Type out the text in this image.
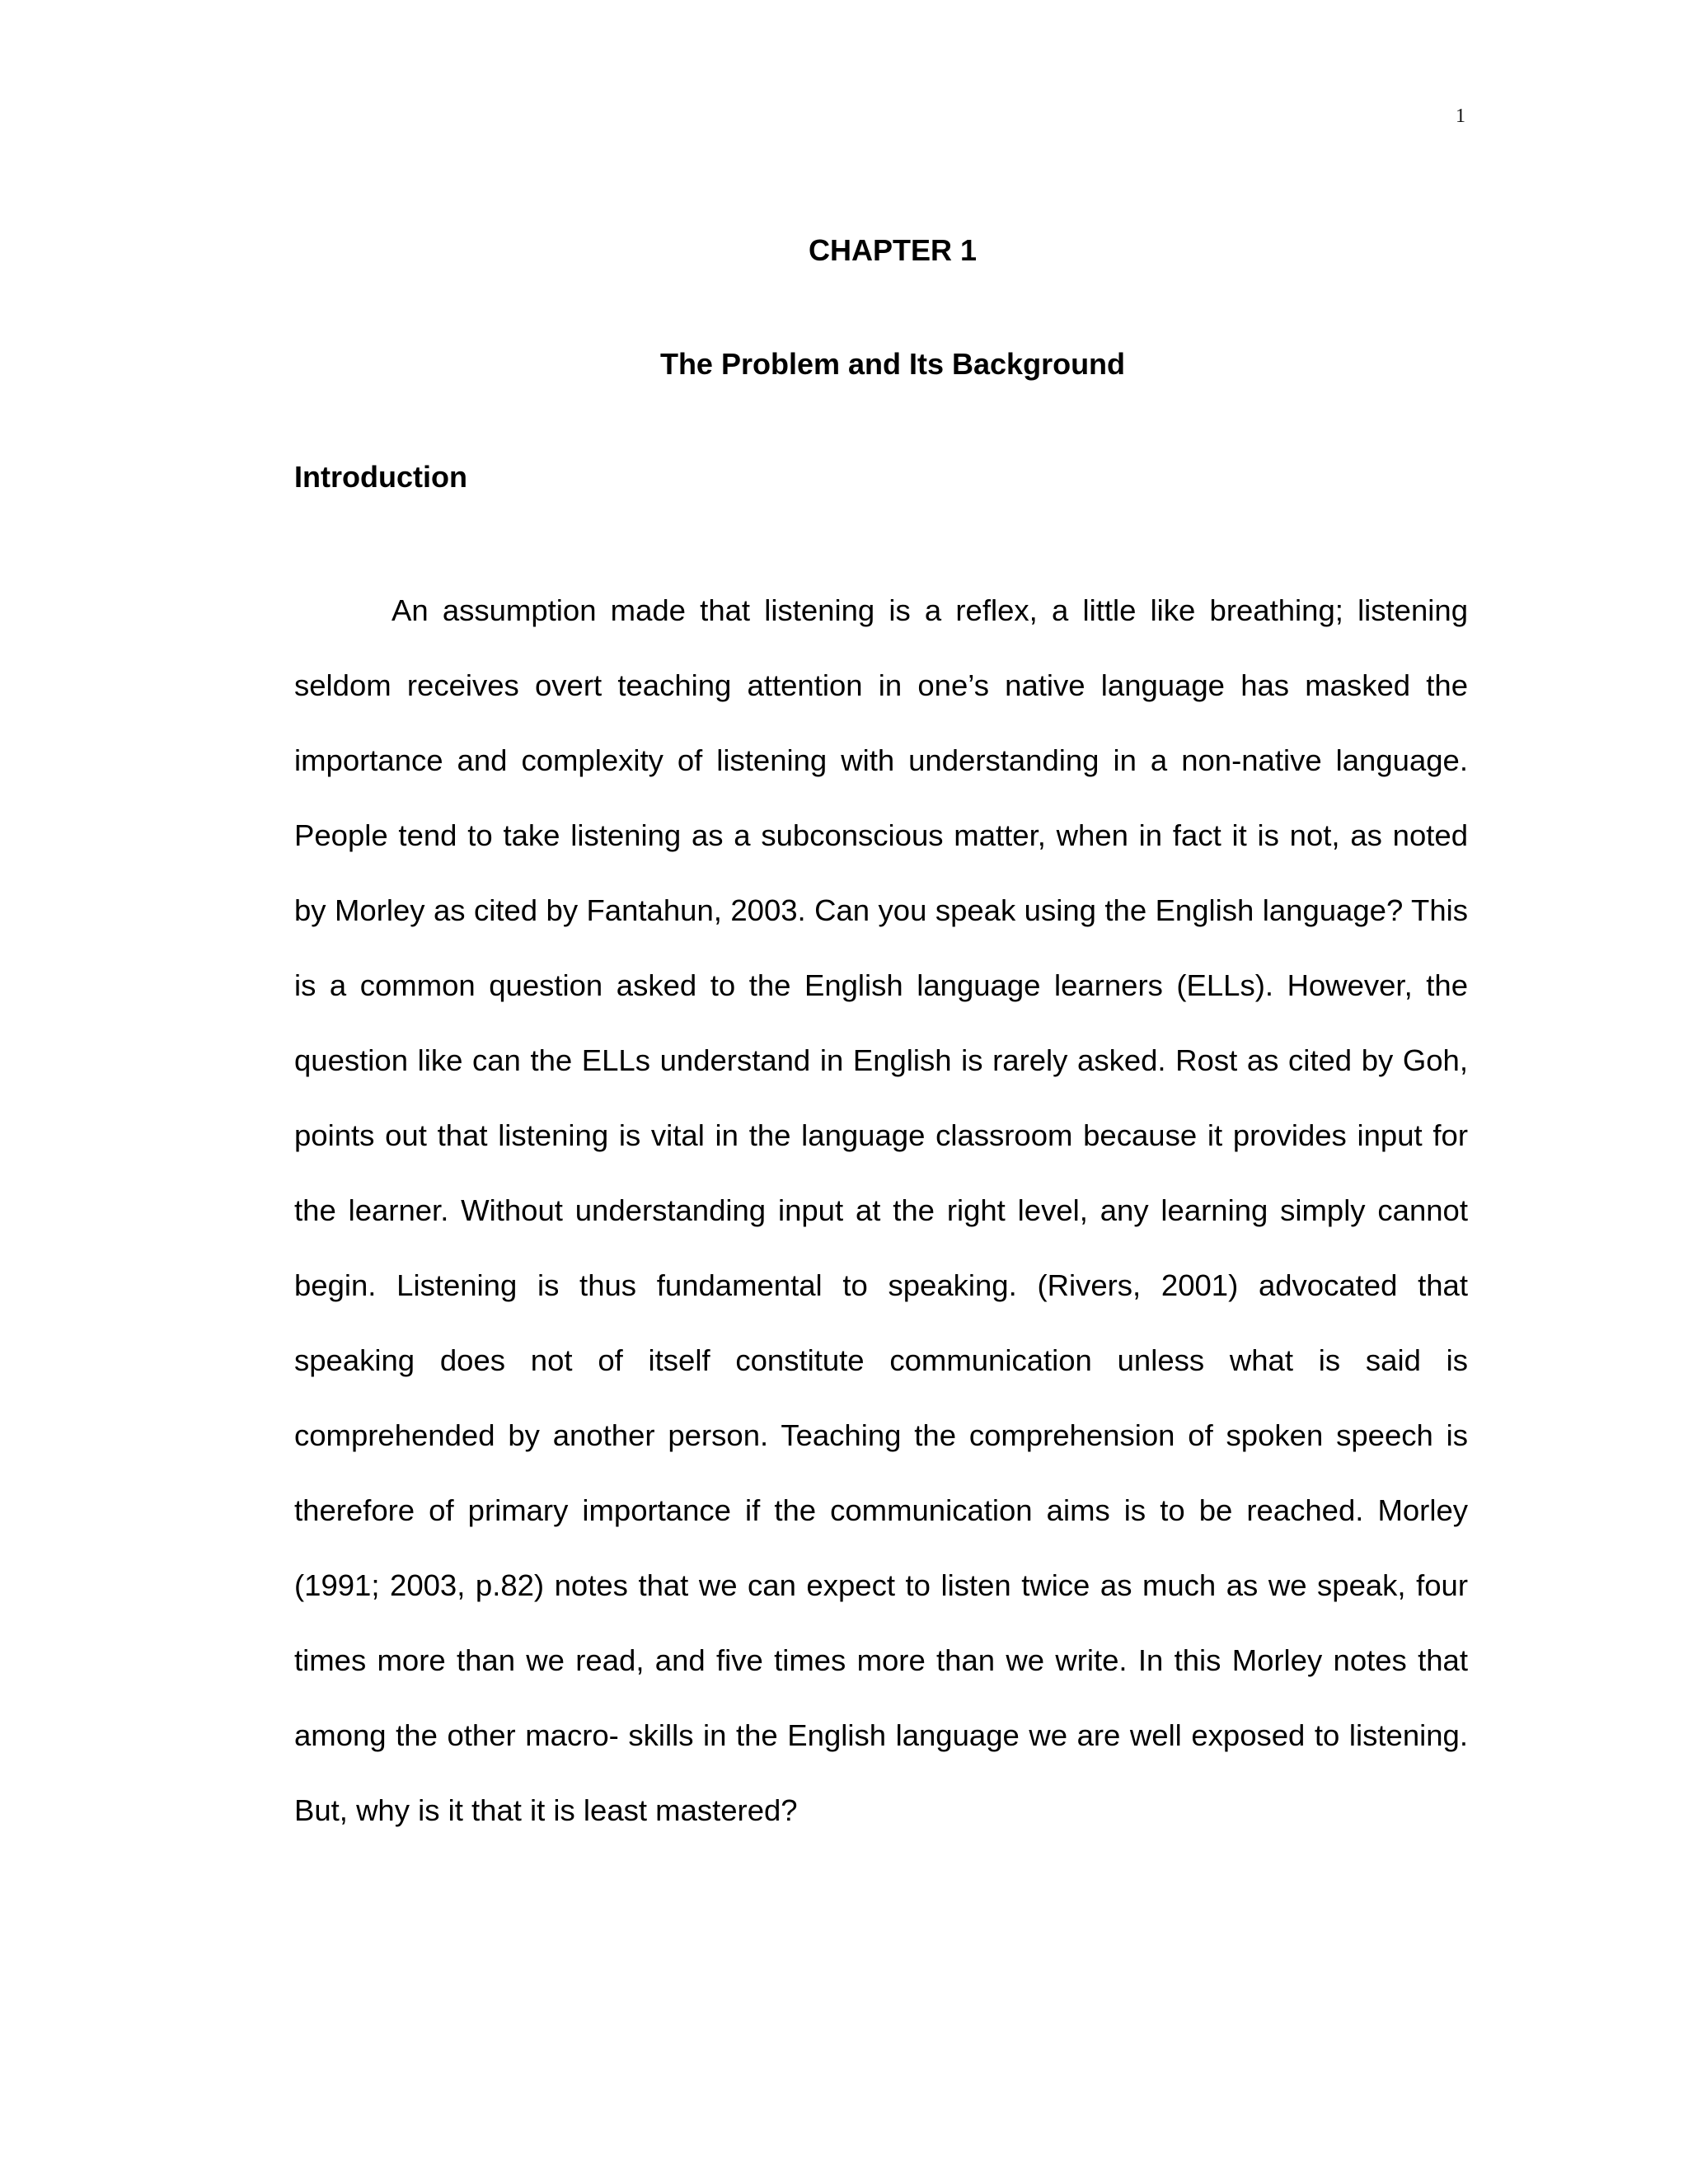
1
CHAPTER 1
The Problem and Its Background
Introduction

An assumption made that listening is a reflex, a little like breathing; listening seldom receives overt teaching attention in one’s native language has masked the importance and complexity of listening with understanding in a non-native language. People tend to take listening as a subconscious matter, when in fact it is not, as noted by Morley as cited by Fantahun, 2003. Can you speak using the English language? This is a common question asked to the English language learners (ELLs). However, the question like can the ELLs understand in English is rarely asked. Rost as cited by Goh, points out that listening is vital in the language classroom because it provides input for the learner. Without understanding input at the right level, any learning simply cannot begin. Listening is thus fundamental to speaking. (Rivers, 2001) advocated that speaking does not of itself constitute communication unless what is said is comprehended by another person. Teaching the comprehension of spoken speech is therefore of primary importance if the communication aims is to be reached. Morley (1991; 2003, p.82) notes that we can expect to listen twice as much as we speak, four times more than we read, and five times more than we write. In this Morley notes that among the other macro- skills in the English language we are well exposed to listening. But, why is it that it is least mastered?
